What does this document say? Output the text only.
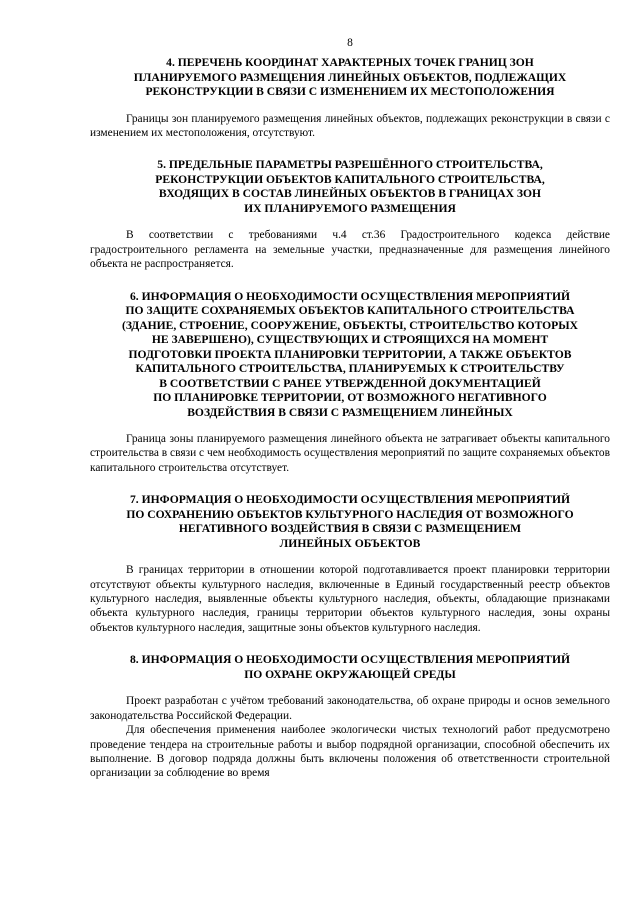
8
4. ПЕРЕЧЕНЬ КООРДИНАТ ХАРАКТЕРНЫХ ТОЧЕК ГРАНИЦ ЗОН
ПЛАНИРУЕМОГО РАЗМЕЩЕНИЯ ЛИНЕЙНЫХ ОБЪЕКТОВ, ПОДЛЕЖАЩИХ
РЕКОНСТРУКЦИИ В СВЯЗИ С ИЗМЕНЕНИЕМ ИХ МЕСТОПОЛОЖЕНИЯ

Границы зон планируемого размещения линейных объектов, подлежащих реконструкции в связи с изменением их местоположения, отсутствуют.

5. ПРЕДЕЛЬНЫЕ ПАРАМЕТРЫ РАЗРЕШЁННОГО СТРОИТЕЛЬСТВА,
РЕКОНСТРУКЦИИ ОБЪЕКТОВ КАПИТАЛЬНОГО СТРОИТЕЛЬСТВА,
ВХОДЯЩИХ В СОСТАВ ЛИНЕЙНЫХ ОБЪЕКТОВ В ГРАНИЦАХ ЗОН
ИХ ПЛАНИРУЕМОГО РАЗМЕЩЕНИЯ

В соответствии с требованиями ч.4 ст.36 Градостроительного кодекса действие градостроительного регламента на земельные участки, предназначенные для размещения линейного объекта не распространяется.

6. ИНФОРМАЦИЯ О НЕОБХОДИМОСТИ ОСУЩЕСТВЛЕНИЯ МЕРОПРИЯТИЙ
ПО ЗАЩИТЕ СОХРАНЯЕМЫХ ОБЪЕКТОВ КАПИТАЛЬНОГО СТРОИТЕЛЬСТВА
(ЗДАНИЕ, СТРОЕНИЕ, СООРУЖЕНИЕ, ОБЪЕКТЫ, СТРОИТЕЛЬСТВО КОТОРЫХ
НЕ ЗАВЕРШЕНО), СУЩЕСТВУЮЩИХ И СТРОЯЩИХСЯ НА МОМЕНТ
ПОДГОТОВКИ ПРОЕКТА ПЛАНИРОВКИ ТЕРРИТОРИИ, А ТАКЖЕ ОБЪЕКТОВ
КАПИТАЛЬНОГО СТРОИТЕЛЬСТВА, ПЛАНИРУЕМЫХ К СТРОИТЕЛЬСТВУ
В СООТВЕТСТВИИ С РАНЕЕ УТВЕРЖДЕННОЙ ДОКУМЕНТАЦИЕЙ
ПО ПЛАНИРОВКЕ ТЕРРИТОРИИ, ОТ ВОЗМОЖНОГО НЕГАТИВНОГО
ВОЗДЕЙСТВИЯ В СВЯЗИ С РАЗМЕЩЕНИЕМ ЛИНЕЙНЫХ

Граница зоны планируемого размещения линейного объекта не затрагивает объекты капитального строительства в связи с чем необходимость осуществления мероприятий по защите сохраняемых объектов капитального строительства отсутствует.

7. ИНФОРМАЦИЯ О НЕОБХОДИМОСТИ ОСУЩЕСТВЛЕНИЯ МЕРОПРИЯТИЙ
ПО СОХРАНЕНИЮ ОБЪЕКТОВ КУЛЬТУРНОГО НАСЛЕДИЯ ОТ ВОЗМОЖНОГО
НЕГАТИВНОГО ВОЗДЕЙСТВИЯ В СВЯЗИ С РАЗМЕЩЕНИЕМ
ЛИНЕЙНЫХ ОБЪЕКТОВ

В границах территории в отношении которой подготавливается проект планировки территории отсутствуют объекты культурного наследия, включенные в Единый государственный реестр объектов культурного наследия, выявленные объекты культурного наследия, объекты, обладающие признаками объекта культурного наследия, границы территории объектов культурного наследия, зоны охраны объектов культурного наследия, защитные зоны объектов культурного наследия.

8. ИНФОРМАЦИЯ О НЕОБХОДИМОСТИ ОСУЩЕСТВЛЕНИЯ МЕРОПРИЯТИЙ
ПО ОХРАНЕ ОКРУЖАЮЩЕЙ СРЕДЫ

Проект разработан с учётом требований законодательства, об охране природы и основ земельного законодательства Российской Федерации.

Для обеспечения применения наиболее экологически чистых технологий работ предусмотрено проведение тендера на строительные работы и выбор подрядной организации, способной обеспечить их выполнение. В договор подряда должны быть включены положения об ответственности строительной организации за соблюдение во время
